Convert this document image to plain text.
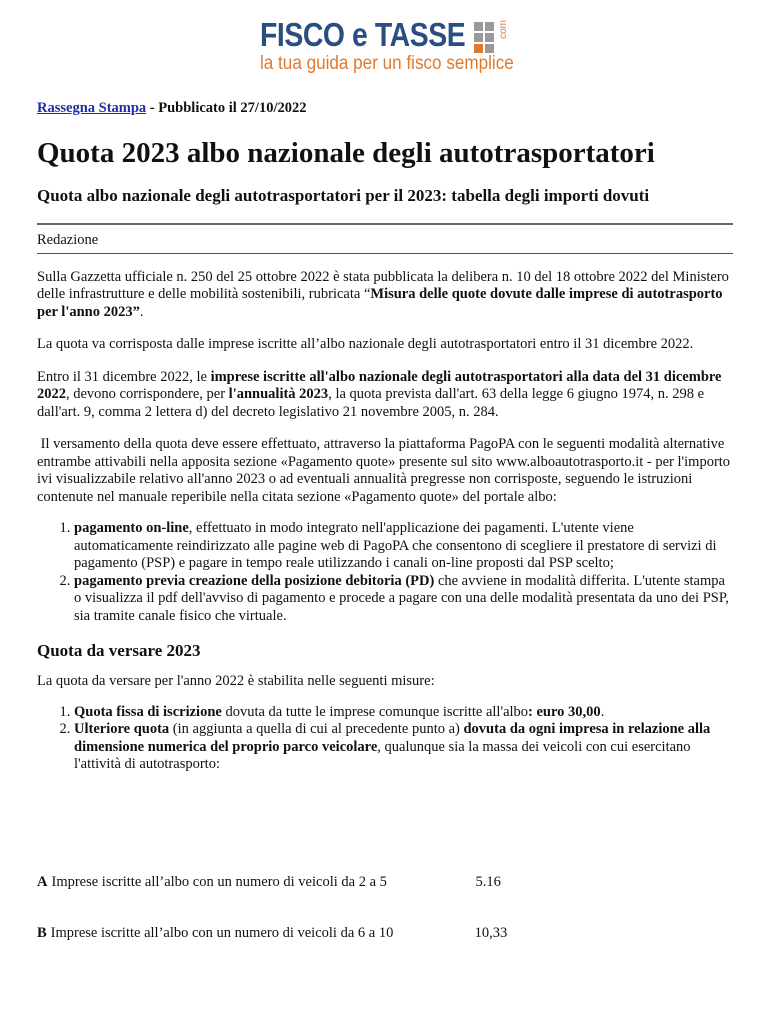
FISCO e TASSE	com
la tua guida per un fisco semplice

Rassegna Stampa - Pubblicato il 27/10/2022

Quota 2023 albo nazionale degli autotrasportatori
Quota albo nazionale degli autotrasportatori per il 2023: tabella degli importi dovuti
Redazione

Sulla Gazzetta ufficiale n. 250 del 25 ottobre 2022 è stata pubblicata la delibera n. 10 del 18 ottobre 2022 del Ministero delle infrastrutture e delle mobilità sostenibili, rubricata “Misura delle quote dovute dalle imprese di autotrasporto per l'anno 2023”.

La quota va corrisposta dalle imprese iscritte all’albo nazionale degli autotrasportatori entro il 31 dicembre 2022.

Entro il 31 dicembre 2022, le imprese iscritte all'albo nazionale degli autotrasportatori alla data del 31 dicembre 2022, devono corrispondere, per l'annualità 2023, la quota prevista dall'art. 63 della legge 6 giugno 1974, n. 298 e dall'art. 9, comma 2 lettera d) del decreto legislativo 21 novembre 2005, n. 284.

Il versamento della quota deve essere effettuato, attraverso la piattaforma PagoPA con le seguenti modalità alternative entrambe attivabili nella apposita sezione «Pagamento quote» presente sul sito www.alboautotrasporto.it - per l'importo ivi visualizzabile relativo all'anno 2023 o ad eventuali annualità pregresse non corrisposte, seguendo le istruzioni contenute nel manuale reperibile nella citata sezione «Pagamento quote» del portale albo:

1. pagamento on-line, effettuato in modo integrato nell'applicazione dei pagamenti. L'utente viene automaticamente reindirizzato alle pagine web di PagoPA che consentono di scegliere il prestatore di servizi di pagamento (PSP) e pagare in tempo reale utilizzando i canali on-line proposti dal PSP scelto;
2. pagamento previa creazione della posizione debitoria (PD) che avviene in modalità differita. L'utente stampa o visualizza il pdf dell'avviso di pagamento e procede a pagare con una delle modalità presentata da uno dei PSP, sia tramite canale fisico che virtuale.
Quota da versare 2023

La quota da versare per l'anno 2022 è stabilita nelle seguenti misure:

1. Quota fissa di iscrizione dovuta da tutte le imprese comunque iscritte all'albo: euro 30,00.
2. Ulteriore quota (in aggiunta a quella di cui al precedente punto a) dovuta da ogni impresa in relazione alla dimensione numerica del proprio parco veicolare, qualunque sia la massa dei veicoli con cui esercitano l'attività di autotrasporto:
A	Imprese iscritte all’albo con un numero di veicoli da 2 a 5	5.16
B	Imprese iscritte all’albo con un numero di veicoli da 6 a 10	10,33
